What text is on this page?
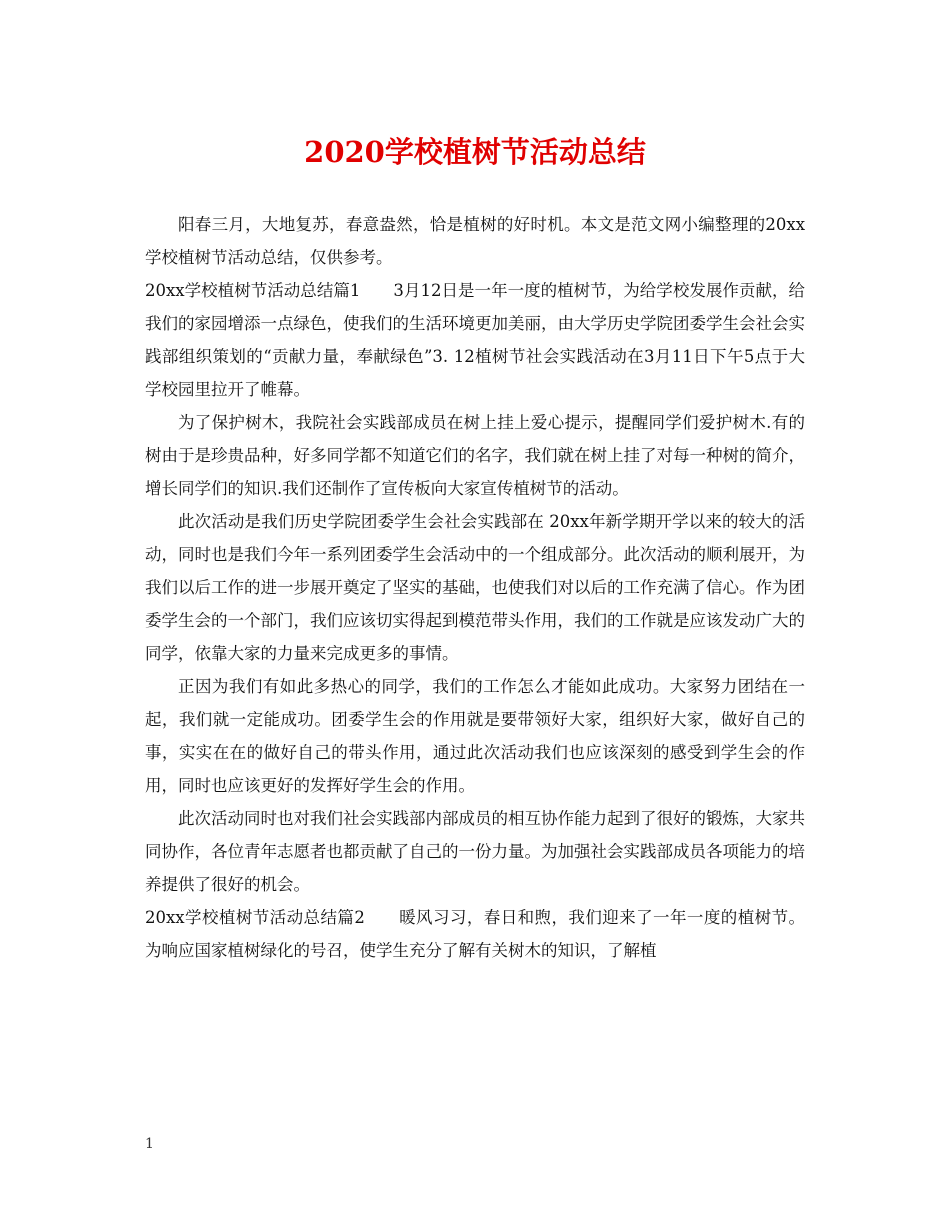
2020学校植树节活动总结

阳春三月，大地复苏，春意盎然，恰是植树的好时机。本文是范文网小编整理的20xx学校植树节活动总结，仅供参考。

20xx学校植树节活动总结篇1　　3月12日是一年一度的植树节，为给学校发展作贡献，给我们的家园增添一点绿色，使我们的生活环境更加美丽，由大学历史学院团委学生会社会实践部组织策划的“贡献力量，奉献绿色”3. 12植树节社会实践活动在3月11日下午5点于大学校园里拉开了帷幕。

为了保护树木，我院社会实践部成员在树上挂上爱心提示，提醒同学们爱护树木.有的树由于是珍贵品种，好多同学都不知道它们的名字，我们就在树上挂了对每一种树的简介，增长同学们的知识.我们还制作了宣传板向大家宣传植树节的活动。

此次活动是我们历史学院团委学生会社会实践部在 20xx年新学期开学以来的较大的活动，同时也是我们今年一系列团委学生会活动中的一个组成部分。此次活动的顺利展开，为我们以后工作的进一步展开奠定了坚实的基础，也使我们对以后的工作充满了信心。作为团委学生会的一个部门，我们应该切实得起到模范带头作用，我们的工作就是应该发动广大的同学，依靠大家的力量来完成更多的事情。

正因为我们有如此多热心的同学，我们的工作怎么才能如此成功。大家努力团结在一起，我们就一定能成功。团委学生会的作用就是要带领好大家，组织好大家，做好自己的事，实实在在的做好自己的带头作用，通过此次活动我们也应该深刻的感受到学生会的作用，同时也应该更好的发挥好学生会的作用。

此次活动同时也对我们社会实践部内部成员的相互协作能力起到了很好的锻炼，大家共同协作，各位青年志愿者也都贡献了自己的一份力量。为加强社会实践部成员各项能力的培养提供了很好的机会。

20xx学校植树节活动总结篇2　　暖风习习，春日和煦，我们迎来了一年一度的植树节。为响应国家植树绿化的号召，使学生充分了解有关树木的知识，了解植

1
